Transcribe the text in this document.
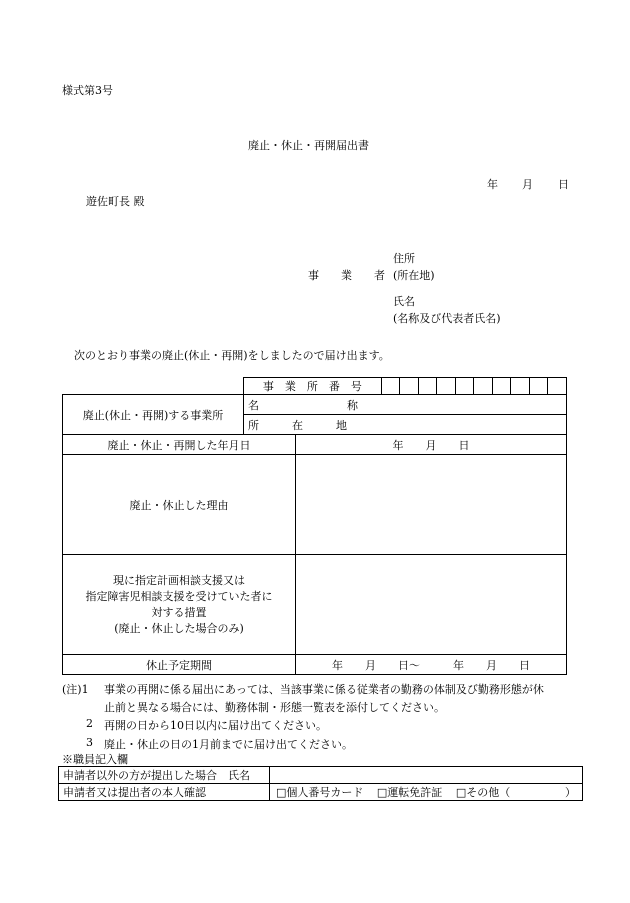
様式第3号
廃止・休止・再開届出書
年 月 日
遊佐町長 殿
住所
事　　業　　者 (所在地)
氏名
(名称及び代表者氏名)
次のとおり事業の廃止(休止・再開)をしましたので届け出ます。
事　業　所　番　号										
廃止(休止・再開)する事業所	名　　　　　　　　称	
	所　　　在　　　地	
廃止・休止・再開した年月日		年　　月　　日
廃止・休止した理由		

現に指定計画相談支援又は
指定障害児相談支援を受けていた者に
対する措置
(廃止・休止した場合のみ)		

休止予定期間		年　　月　　日～　　　年　　月　　日
(注)1 事業の再開に係る届出にあっては、当該事業に係る従業者の勤務の体制及び勤務形態が休
止前と異なる場合には、勤務体制・形態一覧表を添付してください。
2 再開の日から10日以内に届け出てください。
3 廃止・休止の日の1月前までに届け出てください。
※職員記入欄
申請者以外の方が提出した場合　氏名	
申請者又は提出者の本人確認	□個人番号カード □運転免許証 □その他（ ）
